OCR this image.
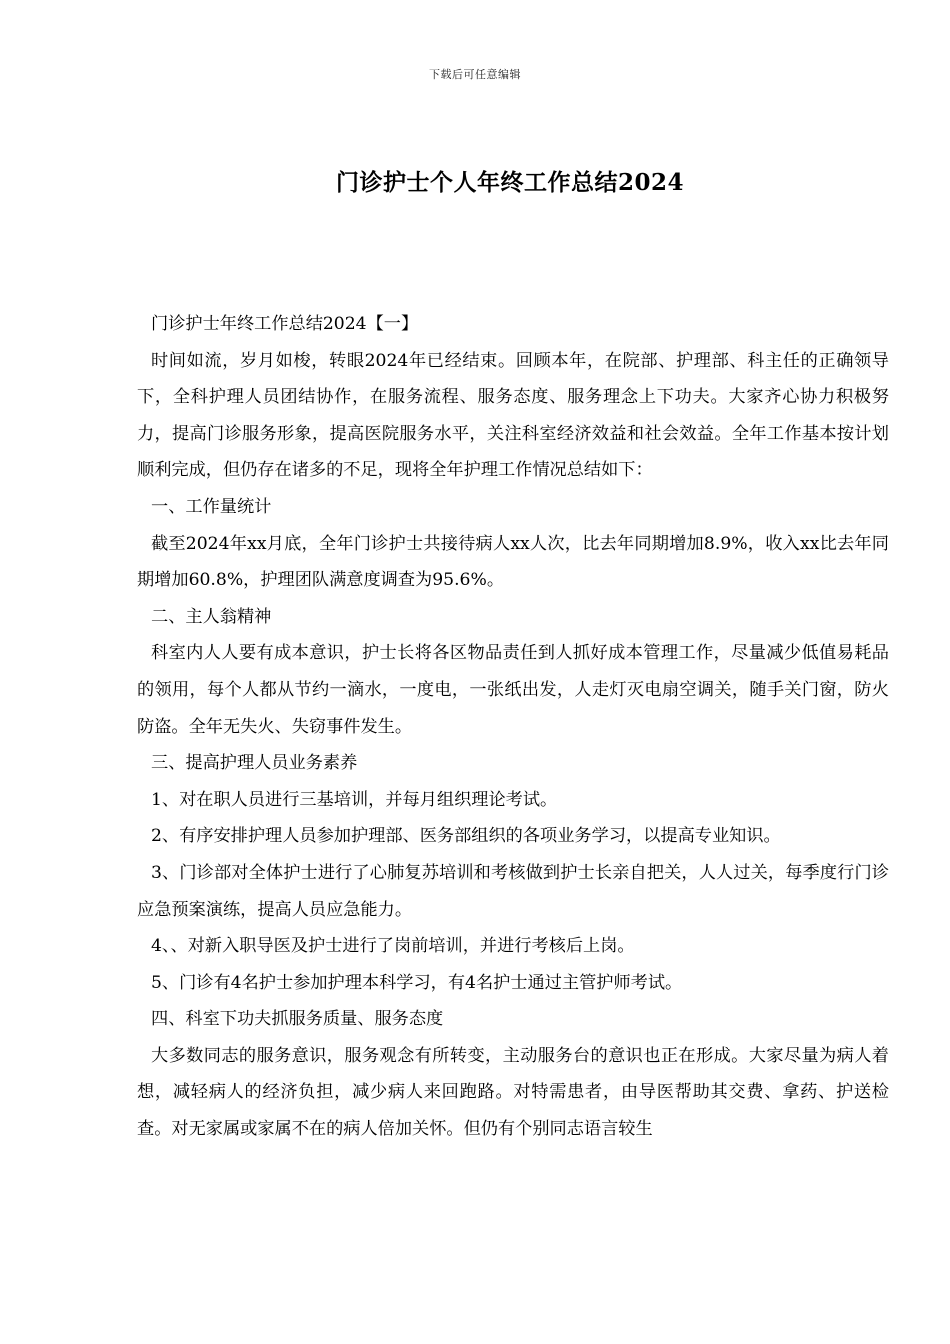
下载后可任意编辑
门诊护士个人年终工作总结2024

门诊护士年终工作总结2024【一】

时间如流，岁月如梭，转眼2024年已经结束。回顾本年，在院部、护理部、科主任的正确领导下，全科护理人员团结协作，在服务流程、服务态度、服务理念上下功夫。大家齐心协力积极努力，提高门诊服务形象，提高医院服务水平，关注科室经济效益和社会效益。全年工作基本按计划顺利完成，但仍存在诸多的不足，现将全年护理工作情况总结如下：

一、工作量统计

截至2024年xx月底，全年门诊护士共接待病人xx人次，比去年同期增加8.9%，收入xx比去年同期增加60.8%，护理团队满意度调查为95.6%。

二、主人翁精神

科室内人人要有成本意识，护士长将各区物品责任到人抓好成本管理工作，尽量减少低值易耗品的领用，每个人都从节约一滴水，一度电，一张纸出发，人走灯灭电扇空调关，随手关门窗，防火防盗。全年无失火、失窃事件发生。

三、提高护理人员业务素养

1、对在职人员进行三基培训，并每月组织理论考试。

2、有序安排护理人员参加护理部、医务部组织的各项业务学习，以提高专业知识。

3、门诊部对全体护士进行了心肺复苏培训和考核做到护士长亲自把关，人人过关，每季度行门诊应急预案演练，提高人员应急能力。

4、、对新入职导医及护士进行了岗前培训，并进行考核后上岗。

5、门诊有4名护士参加护理本科学习，有4名护士通过主管护师考试。

四、科室下功夫抓服务质量、服务态度

大多数同志的服务意识，服务观念有所转变，主动服务台的意识也正在形成。大家尽量为病人着想，减轻病人的经济负担，减少病人来回跑路。对特需患者，由导医帮助其交费、拿药、护送检查。对无家属或家属不在的病人倍加关怀。但仍有个别同志语言较生
